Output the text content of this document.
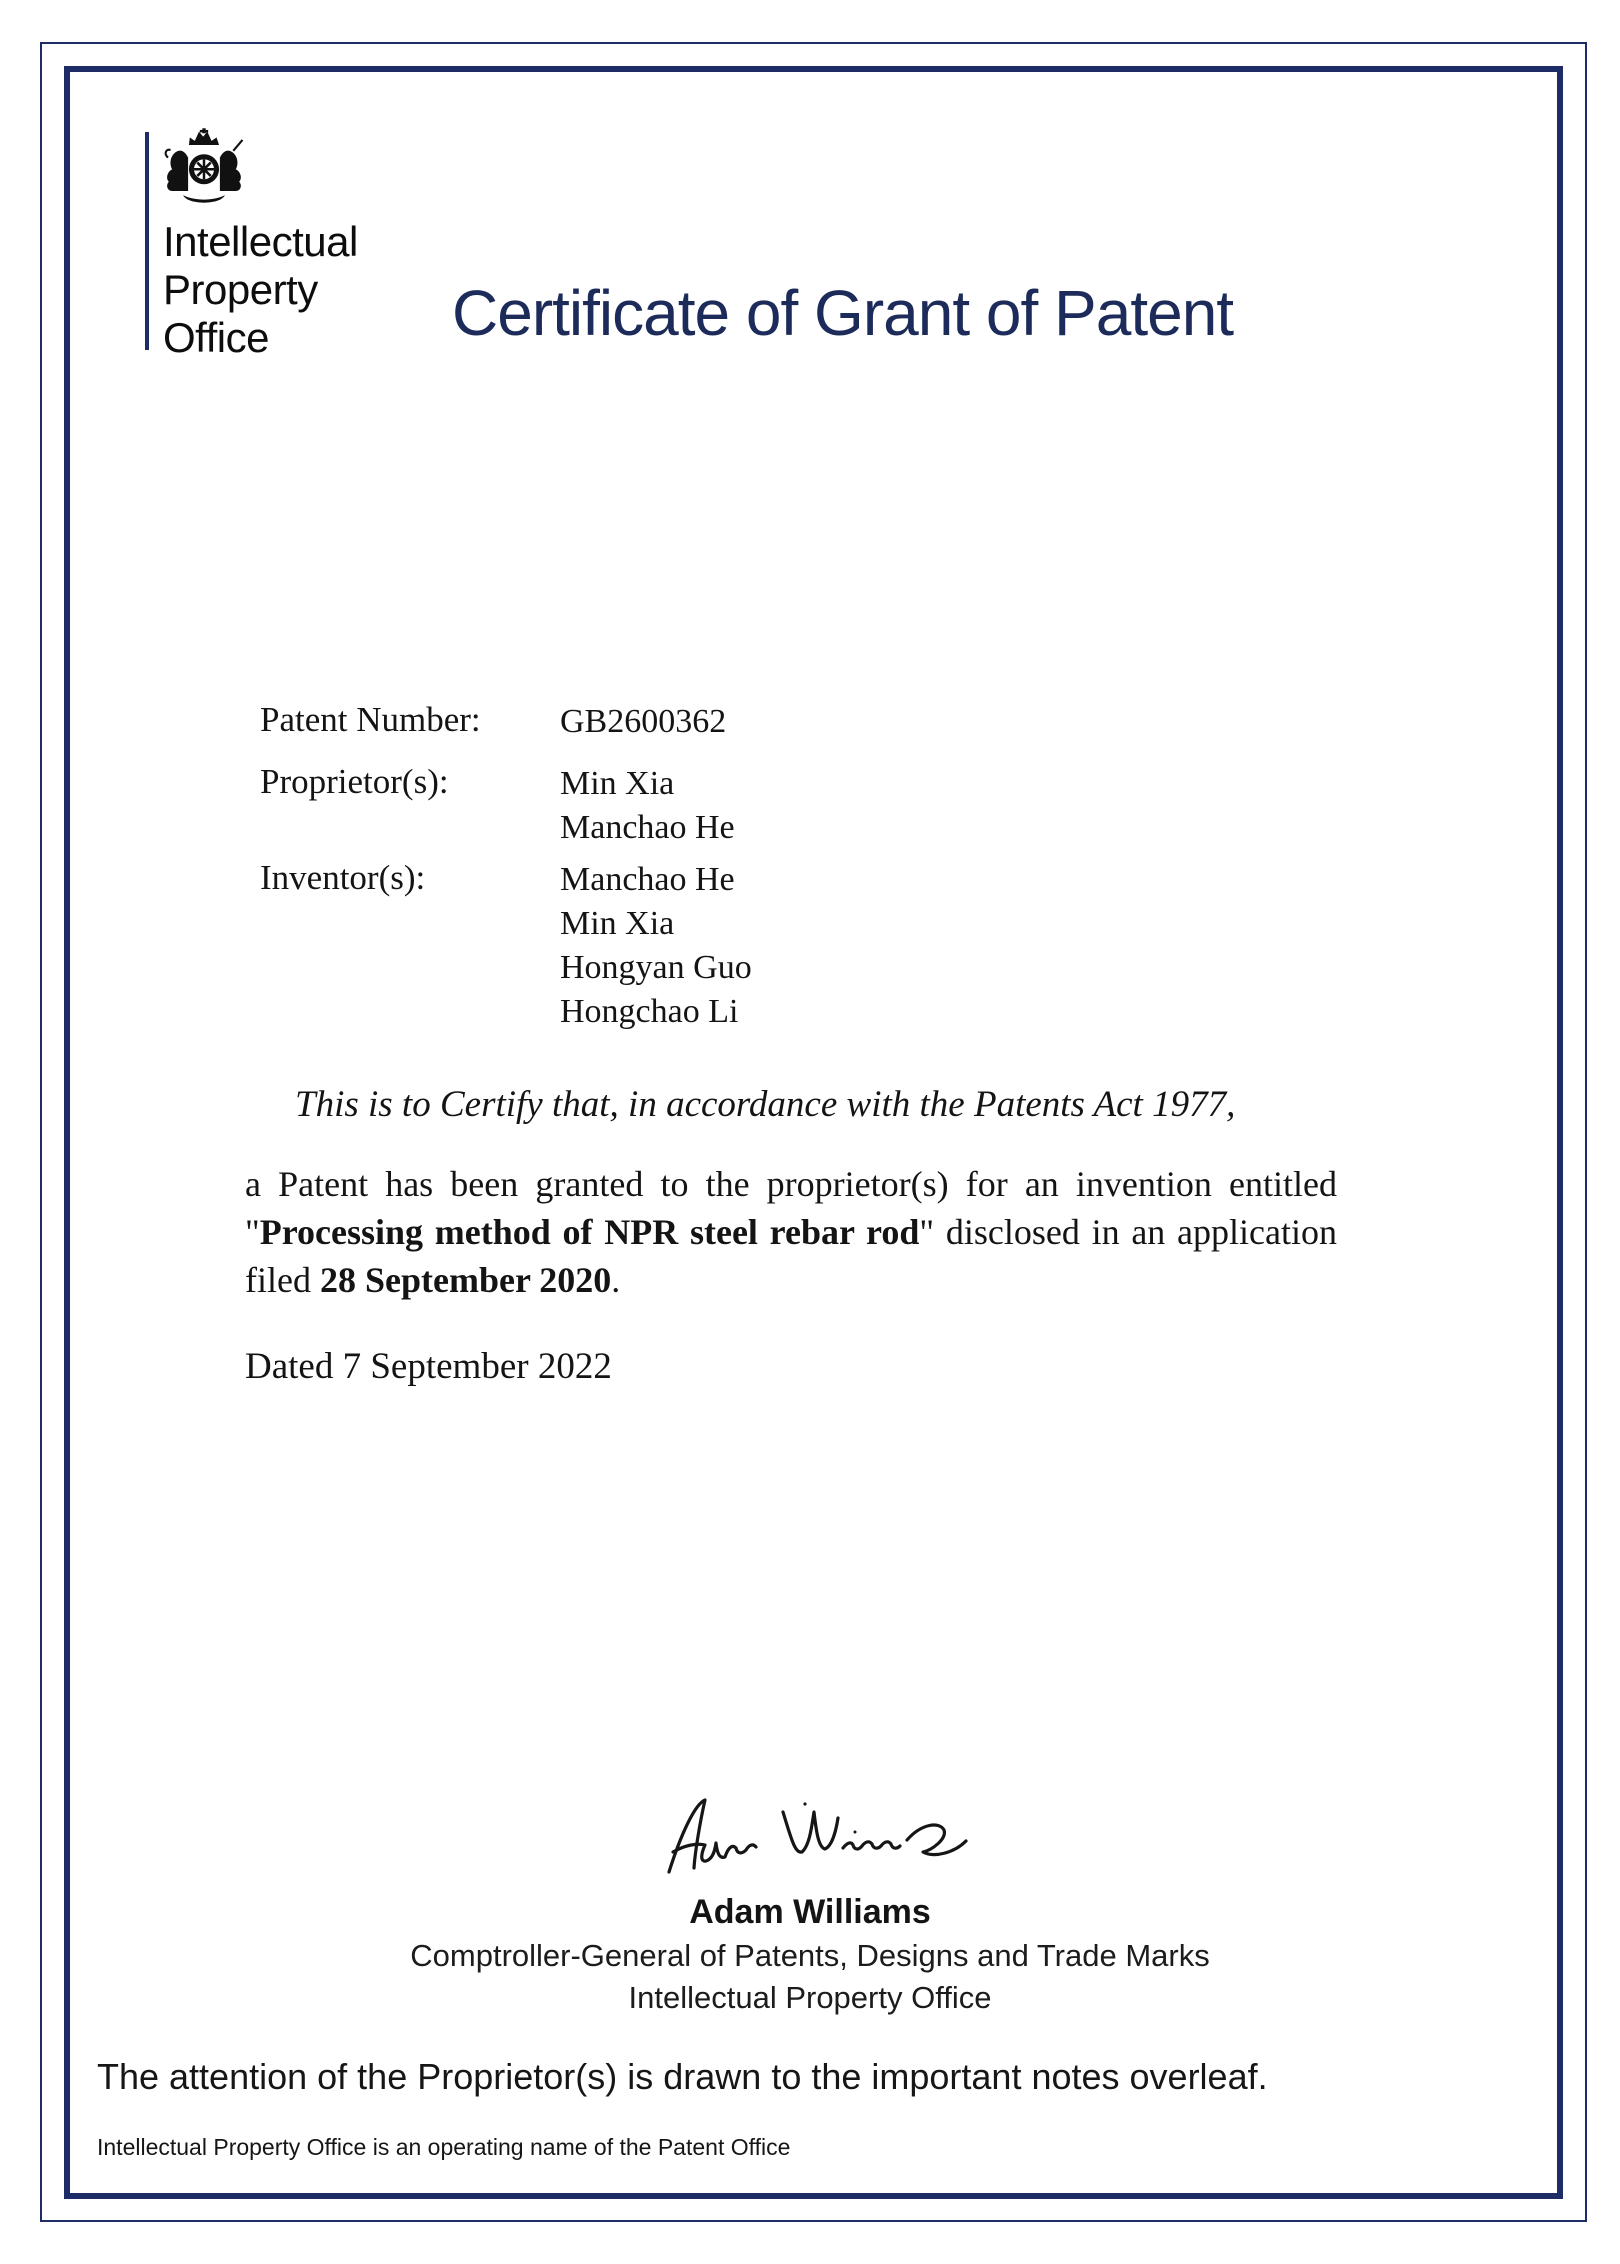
Intellectual
Property
Office	Certificate of Grant of Patent
Patent Number: GB2600362
Proprietor(s):	Min Xia
Manchao He
Inventor(s):	Manchao He
Min Xia
Hongyan Guo
Hongchao Li
This is to Certify that, in accordance with the Patents Act 1977,
a Patent has been granted to the proprietor(s) for an invention entitled "Processing method of NPR steel rebar rod" disclosed in an application filed 28 September 2020.
Dated 7 September 2022
Adam Williams
Comptroller-General of Patents, Designs and Trade Marks
Intellectual Property Office
The attention of the Proprietor(s) is drawn to the important notes overleaf.
Intellectual Property Office is an operating name of the Patent Office
